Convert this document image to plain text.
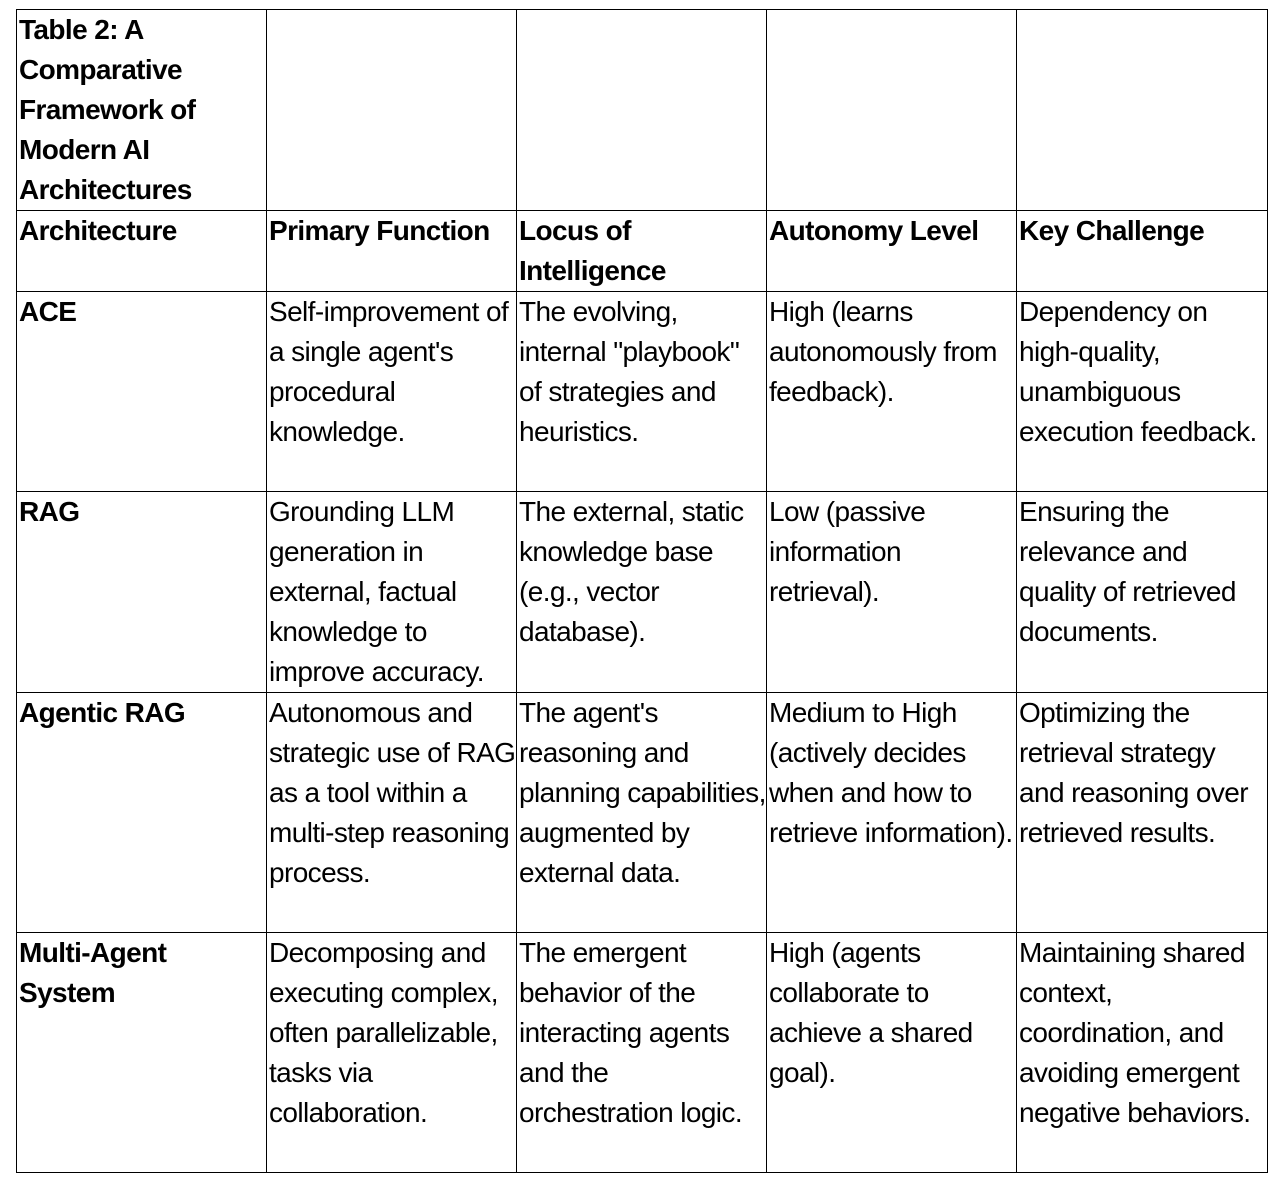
Table 2: A Comparative Framework of Modern AI Architectures				
Architecture	Primary Function	Locus of Intelligence	Autonomy Level	Key Challenge
ACE	Self-improvement of a single agent's procedural knowledge.	The evolving, internal "playbook" of strategies and heuristics.	High (learns autonomously from feedback).	Dependency on high-quality, unambiguous execution feedback.
RAG	Grounding LLM generation in external, factual knowledge to improve accuracy.	The external, static knowledge base (e.g., vector database).	Low (passive information retrieval).	Ensuring the relevance and quality of retrieved documents.
Agentic RAG	Autonomous and strategic use of RAG as a tool within a multi-step reasoning process.	The agent's reasoning and planning capabilities, augmented by external data.	Medium to High (actively decides when and how to retrieve information).	Optimizing the retrieval strategy and reasoning over retrieved results.
Multi-Agent System	Decomposing and executing complex, often parallelizable, tasks via collaboration.	The emergent behavior of the interacting agents and the orchestration logic.	High (agents collaborate to achieve a shared goal).	Maintaining shared context, coordination, and avoiding emergent negative behaviors.
